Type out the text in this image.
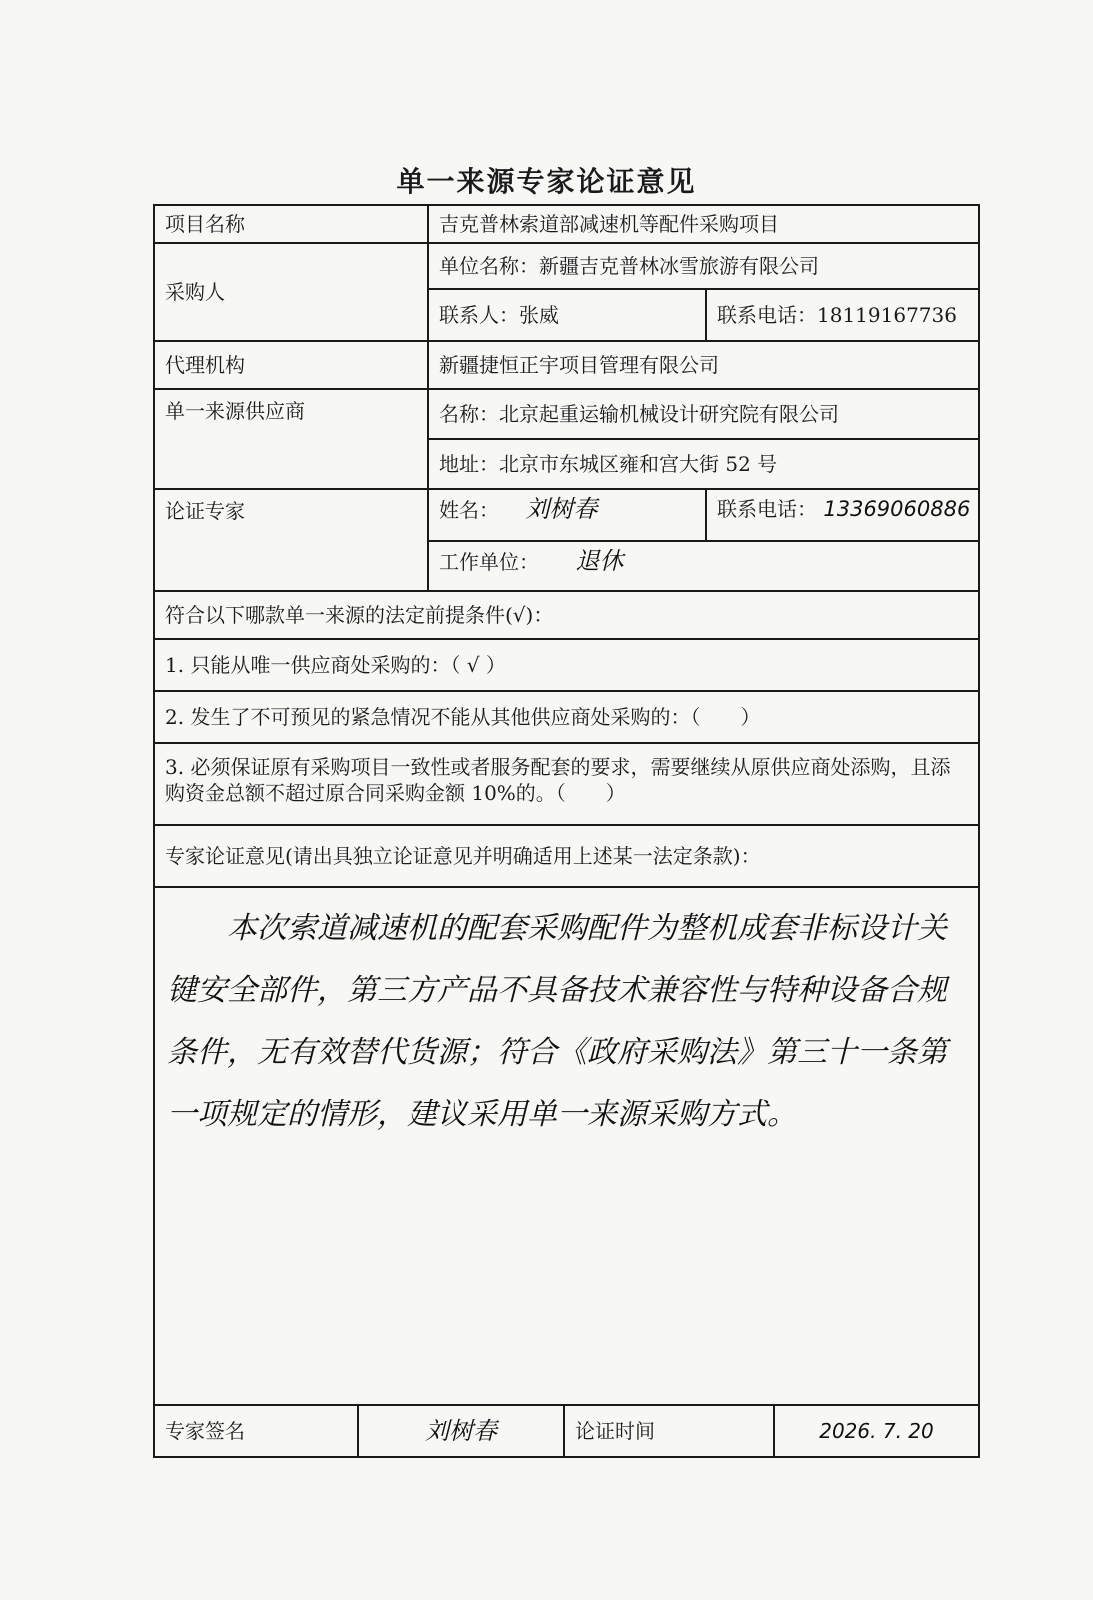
单一来源专家论证意见
项目名称	吉克普林索道部减速机等配件采购项目
采购人
单位名称：新疆吉克普林冰雪旅游有限公司
联系人：张威	联系电话：18119167736
代理机构	新疆捷恒正宇项目管理有限公司
单一来源供应商	名称：北京起重运输机械设计研究院有限公司
地址：北京市东城区雍和宫大街 52 号
论证专家	姓名： 刘树春	联系电话： 13369060886
工作单位： 退休
符合以下哪款单一来源的法定前提条件(√)：
1. 只能从唯一供应商处采购的：（ √ ）
2. 发生了不可预见的紧急情况不能从其他供应商处采购的：（　　）
3. 必须保证原有采购项目一致性或者服务配套的要求，需要继续从原供应商处添购，且添购资金总额不超过原合同采购金额 10%的。（　　）
专家论证意见(请出具独立论证意见并明确适用上述某一法定条款)：
本次索道减速机的配套采购配件为整机成套非标设计关键安全部件，第三方产品不具备技术兼容性与特种设备合规条件，无有效替代货源；符合《政府采购法》第三十一条第一项规定的情形，建议采用单一来源采购方式。
专家签名	刘树春	论证时间	2026. 7. 20
